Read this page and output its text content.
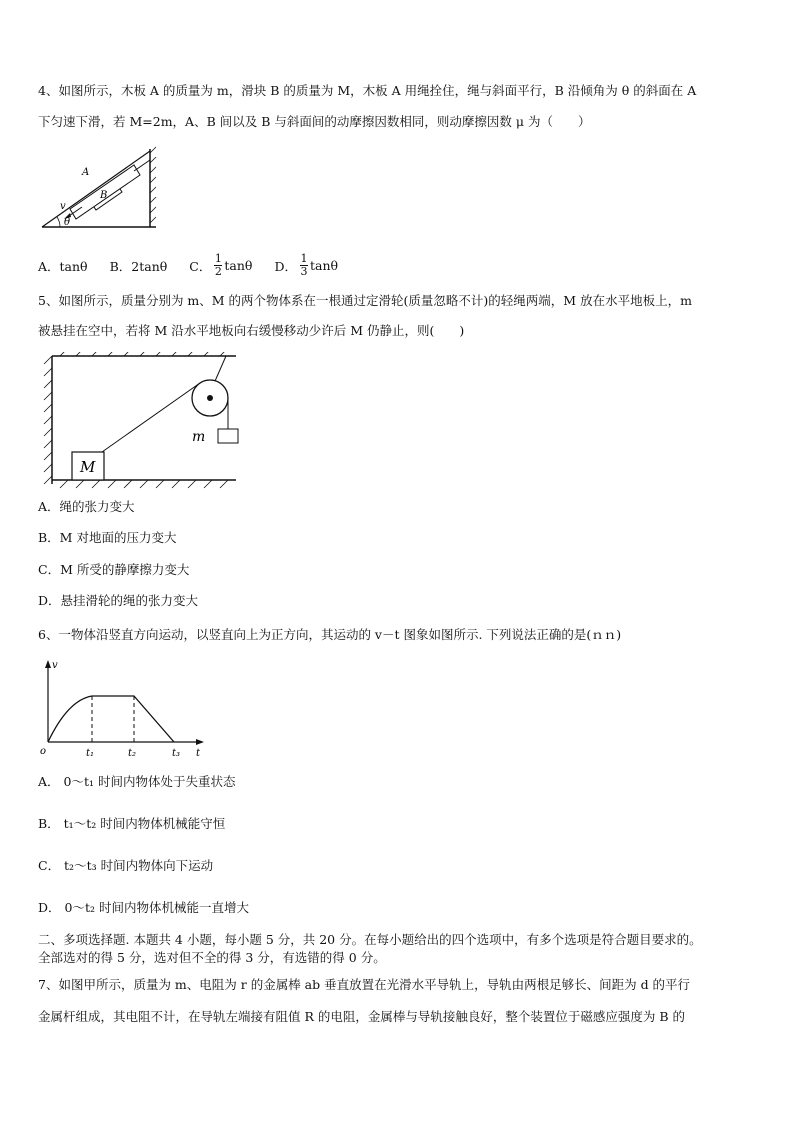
4、如图所示，木板 A 的质量为 m，滑块 B 的质量为 M，木板 A 用绳拴住，绳与斜面平行，B 沿倾角为 θ 的斜面在 A
下匀速下滑，若 M=2m，A、B 间以及 B 与斜面间的动摩擦因数相同，则动摩擦因数 μ 为（　　）
A
B
v
θ
A．tanθ B．2tanθ C． $\frac{1}{2}$ tanθ D． $\frac{1}{3}$ tanθ
5、如图所示，质量分别为 m、M 的两个物体系在一根通过定滑轮(质量忽略不计)的轻绳两端，M 放在水平地板上，m
被悬挂在空中，若将 M 沿水平地板向右缓慢移动少许后 M 仍静止，则(　　)
M
m
A．绳的张力变大
B．M 对地面的压力变大
C．M 所受的静摩擦力变大
D．悬挂滑轮的绳的张力变大
6、一物体沿竖直方向运动，以竖直向上为正方向，其运动的 v－t 图象如图所示. 下列说法正确的是(ｎｎ)
v
o	t₁	t₂	t₃ t
A． 0～t₁ 时间内物体处于失重状态
B． t₁～t₂ 时间内物体机械能守恒
C． t₂～t₃ 时间内物体向下运动
D． 0～t₂ 时间内物体机械能一直增大
二、多项选择题. 本题共 4 小题，每小题 5 分，共 20 分。在每小题给出的四个选项中，有多个选项是符合题目要求的。
全部选对的得 5 分，选对但不全的得 3 分，有选错的得 0 分。
7、如图甲所示，质量为 m、电阻为 r 的金属棒 ab 垂直放置在光滑水平导轨上，导轨由两根足够长、间距为 d 的平行
金属杆组成，其电阻不计，在导轨左端接有阻值 R 的电阻，金属棒与导轨接触良好，整个装置位于磁感应强度为 B 的
